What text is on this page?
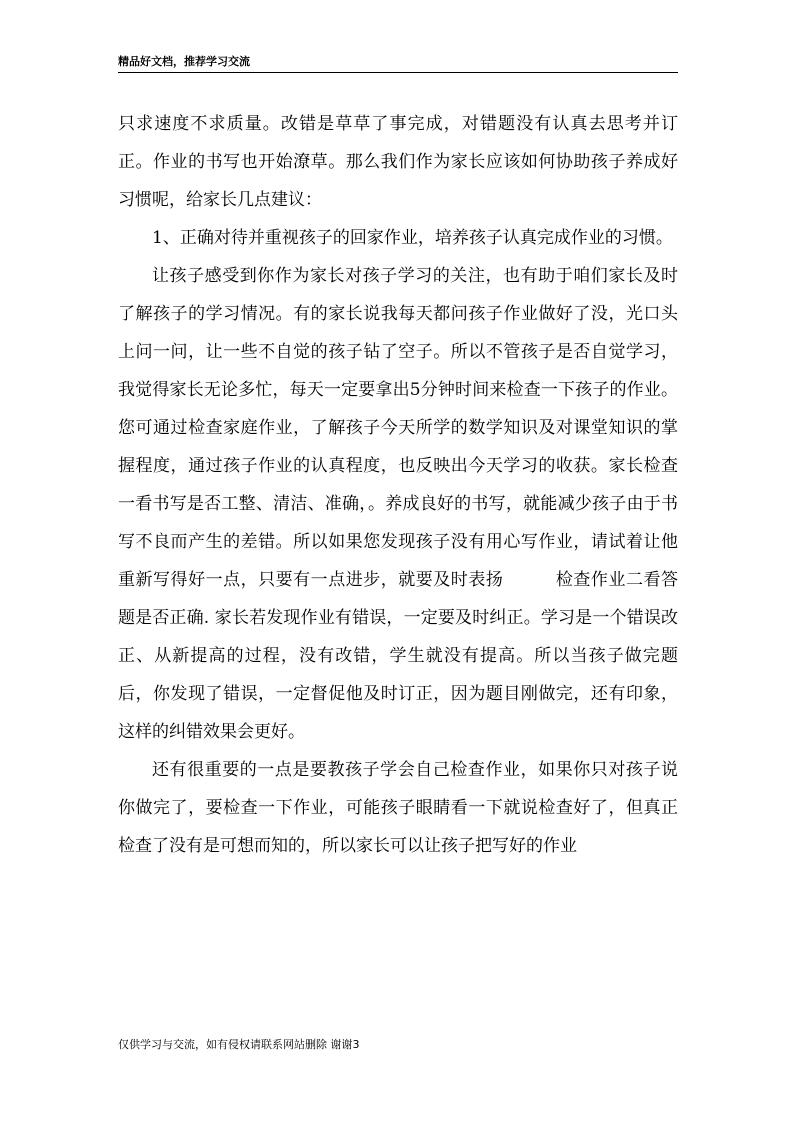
精品好文档，推荐学习交流

只求速度不求质量。改错是草草了事完成，对错题没有认真去思考并订正。作业的书写也开始潦草。那么我们作为家长应该如何协助孩子养成好习惯呢，给家长几点建议：

1、正确对待并重视孩子的回家作业，培养孩子认真完成作业的习惯。

让孩子感受到你作为家长对孩子学习的关注，也有助于咱们家长及时了解孩子的学习情况。有的家长说我每天都问孩子作业做好了没，光口头上问一问，让一些不自觉的孩子钻了空子。所以不管孩子是否自觉学习，我觉得家长无论多忙，每天一定要拿出5分钟时间来检查一下孩子的作业。您可通过检查家庭作业，了解孩子今天所学的数学知识及对课堂知识的掌握程度，通过孩子作业的认真程度，也反映出今天学习的收获。家长检查一看书写是否工整、清洁、准确，。养成良好的书写，就能减少孩子由于书写不良而产生的差错。所以如果您发现孩子没有用心写作业，请试着让他重新写得好一点，只要有一点进步，就要及时表扬　　　检查作业二看答题是否正确. 家长若发现作业有错误，一定要及时纠正。学习是一个错误改正、从新提高的过程，没有改错，学生就没有提高。所以当孩子做完题后，你发现了错误，一定督促他及时订正，因为题目刚做完，还有印象，这样的纠错效果会更好。

还有很重要的一点是要教孩子学会自己检查作业，如果你只对孩子说你做完了，要检查一下作业，可能孩子眼睛看一下就说检查好了，但真正检查了没有是可想而知的，所以家长可以让孩子把写好的作业

仅供学习与交流，如有侵权请联系网站删除 谢谢3
